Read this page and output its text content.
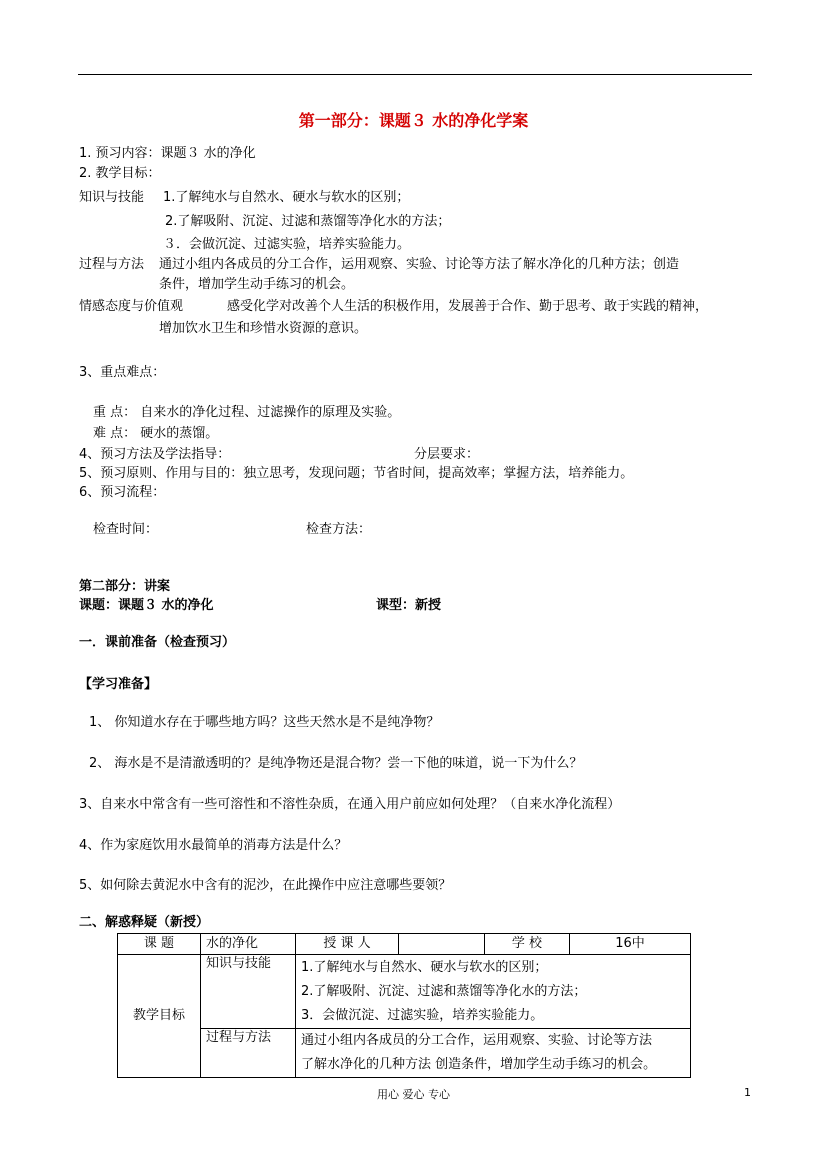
第一部分：课题３ 水的净化学案
1. 预习内容：课题３ 水的净化
2. 教学目标：
知识与技能 1.了解纯水与自然水、硬水与软水的区别；
2.了解吸附、沉淀、过滤和蒸馏等净化水的方法；
３．会做沉淀、过滤实验，培养实验能力。
过程与方法 通过小组内各成员的分工合作，运用观察、实验、讨论等方法了解水净化的几种方法；创造
条件，增加学生动手练习的机会。
情感态度与价值观	感受化学对改善个人生活的积极作用，发展善于合作、勤于思考、敢于实践的精神，
增加饮水卫生和珍惜水资源的意识。
3、重点难点：
重 点： 自来水的净化过程、过滤操作的原理及实验。
难 点： 硬水的蒸馏。
4、预习方法及学法指导：	分层要求：
5、预习原则、作用与目的：独立思考，发现问题；节省时间，提高效率；掌握方法，培养能力。
6、预习流程：
检查时间：	检查方法：
第二部分：讲案
课题：课题３ 水的净化	课型：新授
一．课前准备（检查预习）
【学习准备】
1、 你知道水存在于哪些地方吗？这些天然水是不是纯净物？
2、 海水是不是清澈透明的？是纯净物还是混合物？尝一下他的味道，说一下为什么？
3、自来水中常含有一些可溶性和不溶性杂质，在通入用户前应如何处理？（自来水净化流程）
4、作为家庭饮用水最简单的消毒方法是什么？
5、如何除去黄泥水中含有的泥沙，在此操作中应注意哪些要领？
二、解惑释疑（新授）
课 题	水的净化	授 课 人		学 校	16中
教学目标	知识与技能	1.了解纯水与自然水、硬水与软水的区别；
2.了解吸附、沉淀、过滤和蒸馏等净化水的方法；
3．会做沉淀、过滤实验，培养实验能力。			

	过程与方法	通过小组内各成员的分工合作，运用观察、实验、讨论等方法
了解水净化的几种方法 创造条件，增加学生动手练习的机会。			
用心 爱心 专心	1
